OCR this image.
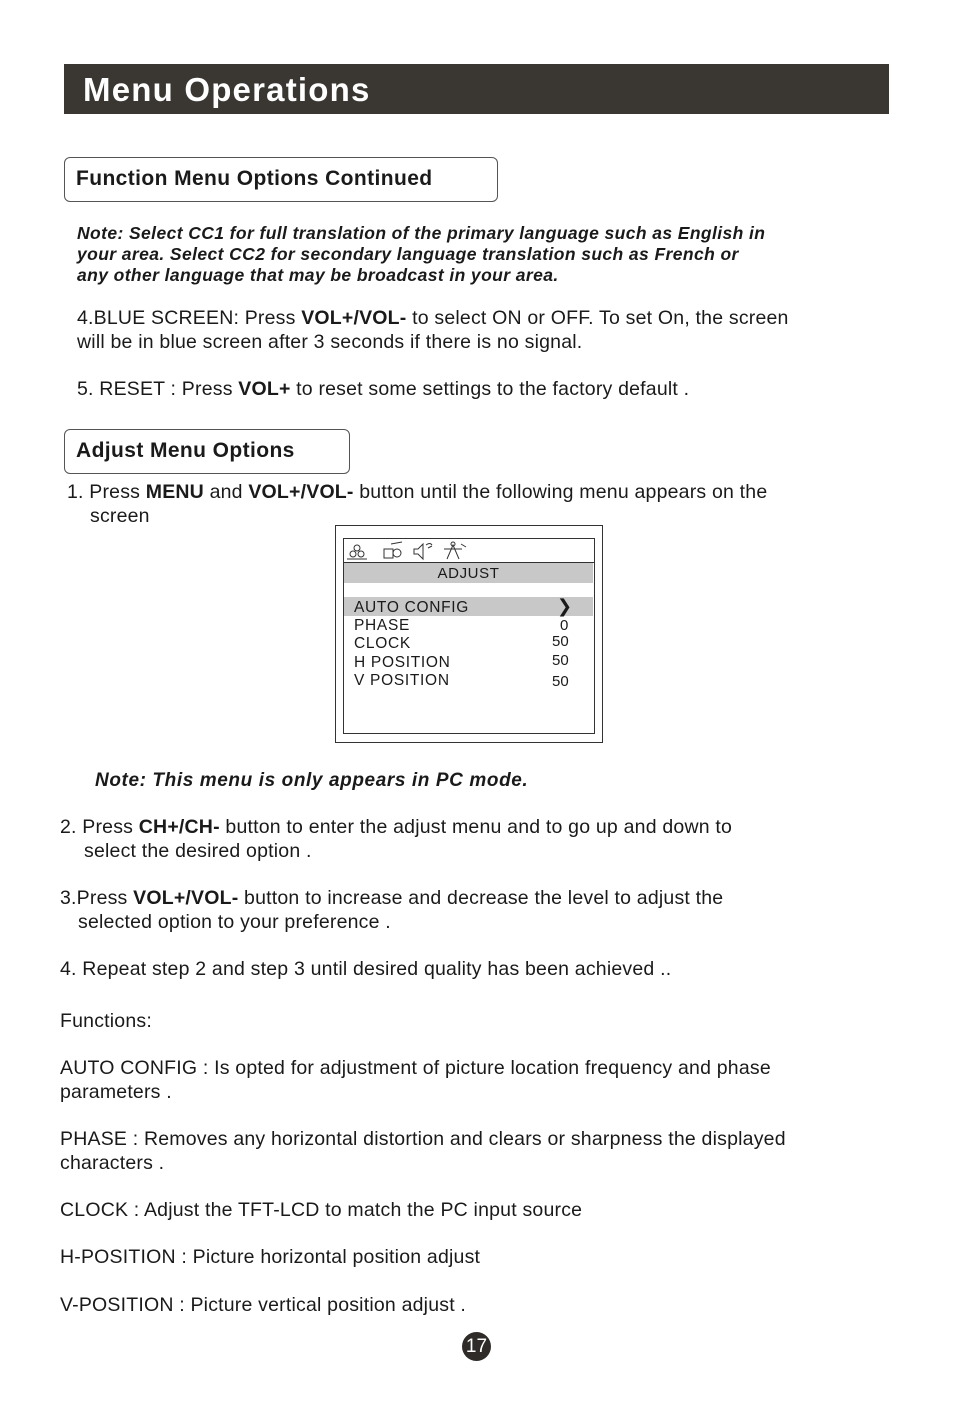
Menu Operations
Function Menu Options Continued
Note: Select CC1 for full translation of the primary language such as English in
your area. Select CC2 for secondary language translation such as French or
any other language that may be broadcast in your area.
4.BLUE SCREEN: Press VOL+/VOL- to select ON or OFF. To set On, the screen
will be in blue screen after 3 seconds if there is no signal.
5. RESET : Press VOL+ to reset some settings to the factory default .
Adjust Menu Options
1. Press MENU and VOL+/VOL- button until the following menu appears on the
screen
ADJUST
AUTO CONFIG	❯
PHASE	0
CLOCK	50
H POSITION	50
V POSITION	50
Note: This menu is only appears in PC mode.
2. Press CH+/CH- button to enter the adjust menu and to go up and down to
select the desired option .
3.Press VOL+/VOL- button to increase and decrease the level to adjust the
selected option to your preference .
4. Repeat step 2 and step 3 until desired quality has been achieved ..
Functions:
AUTO CONFIG : Is opted for adjustment of picture location frequency and phase
parameters .
PHASE : Removes any horizontal distortion and clears or sharpness the displayed
characters .
CLOCK : Adjust the TFT-LCD to match the PC input source
H-POSITION : Picture horizontal position adjust
V-POSITION : Picture vertical position adjust .
17
